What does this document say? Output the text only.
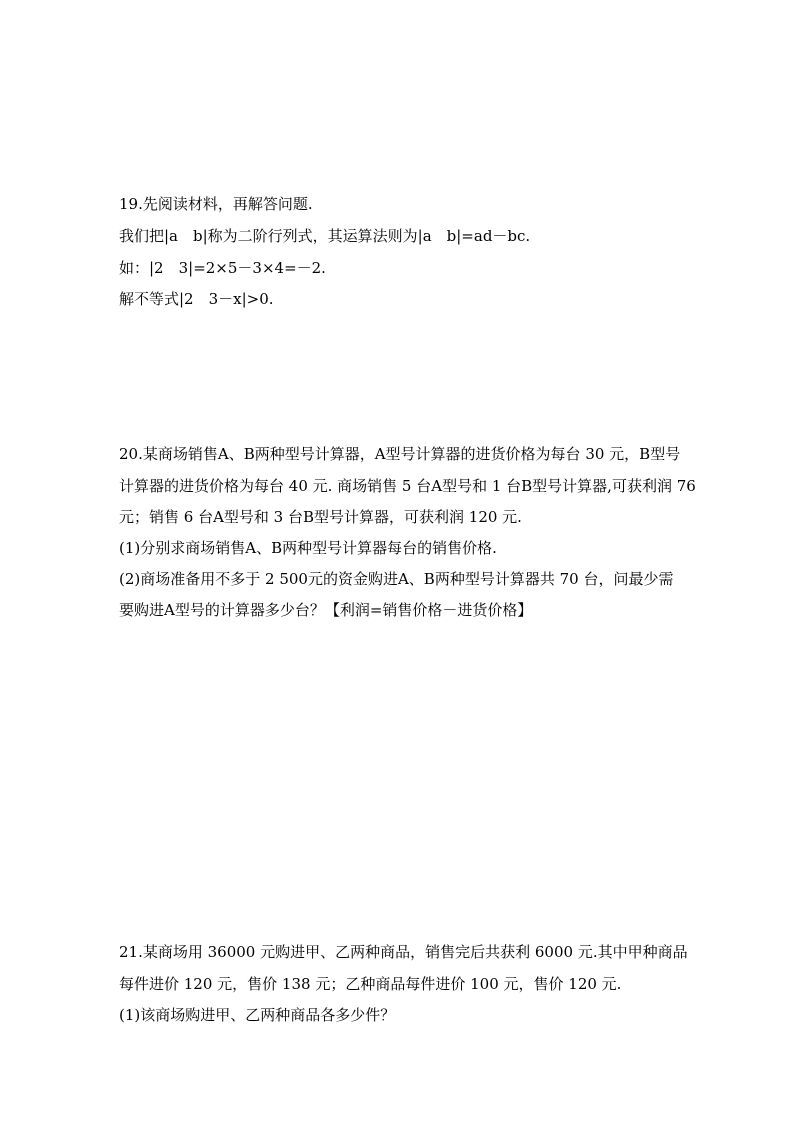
19.先阅读材料，再解答问题.
我们把|a　b|称为二阶行列式，其运算法则为|a　b|=ad－bc.
如：|2　3|=2×5－3×4=－2.
解不等式|2　3－x|>0.
20.某商场销售A、B两种型号计算器，A型号计算器的进货价格为每台 30 元，B型号
计算器的进货价格为每台 40 元. 商场销售 5 台A型号和 1 台B型号计算器,可获利润 76
元；销售 6 台A型号和 3 台B型号计算器，可获利润 120 元.
(1)分别求商场销售A、B两种型号计算器每台的销售价格.
(2)商场准备用不多于 2 500元的资金购进A、B两种型号计算器共 70 台，问最少需
要购进A型号的计算器多少台？【利润=销售价格－进货价格】
21.某商场用 36000 元购进甲、乙两种商品，销售完后共获利 6000 元.其中甲种商品
每件进价 120 元，售价 138 元；乙种商品每件进价 100 元，售价 120 元.
(1)该商场购进甲、乙两种商品各多少件？
